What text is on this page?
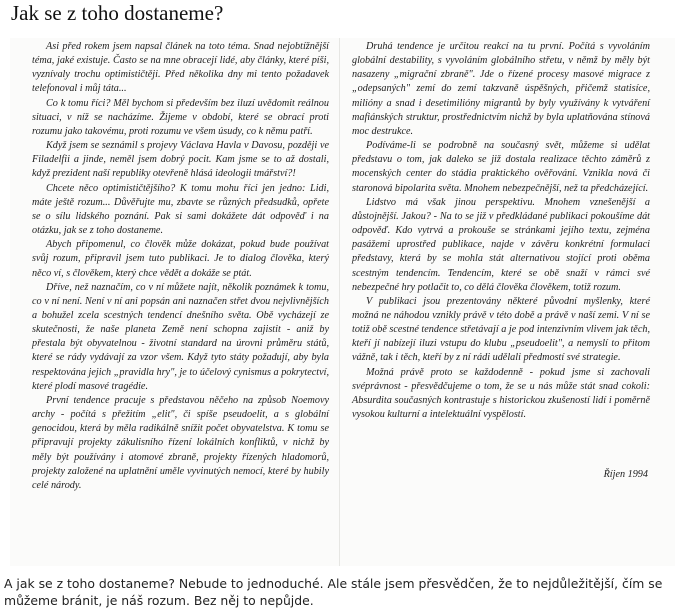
Jak se z toho dostaneme?

Asi před rokem jsem napsal článek na toto téma. Snad nejobtížnější téma, jaké existuje. Často se na mne obracejí lidé, aby články, které píši, vyznívaly trochu optimističtěji. Před několika dny mi tento požadavek telefonoval i můj táta...

Co k tomu říci? Měl bychom si především bez iluzí uvědomit reálnou situaci, v níž se nacházíme. Žijeme v období, které se obrací proti rozumu jako takovému, proti rozumu ve všem úsudy, co k němu patří.

Když jsem se seznámil s projevy Václava Havla v Davosu, později ve Filadelfii a jinde, neměl jsem dobrý pocit. Kam jsme se to až dostali, když prezident naší republiky otevřeně hlásá ideologii tmářství?!

Chcete něco optimističtějšího? K tomu mohu říci jen jedno: Lidi, máte ještě rozum... Důvěřujte mu, zbavte se různých předsudků, opřete se o sílu lidského poznání. Pak si sami dokážete dát odpověď i na otázku, jak se z toho dostaneme.

Abych připomenul, co člověk může dokázat, pokud bude používat svůj rozum, připravil jsem tuto publikaci. Je to dialog člověka, který něco ví, s člověkem, který chce vědět a dokáže se ptát.

Dříve, než naznačím, co v ní můžete najít, několik poznámek k tomu, co v ní není. Není v ní ani popsán ani naznačen střet dvou nejvlivnějších a bohužel zcela scestných tendencí dnešního světa. Obě vycházejí ze skutečnosti, že naše planeta Země není schopna zajistit - aniž by přestala být obyvatelnou - životní standard na úrovni průměru států, které se rády vydávají za vzor všem. Když tyto státy požadují, aby byla respektována jejich „pravidla hry", je to účelový cynismus a pokrytectví, které plodí masové tragédie.

První tendence pracuje s představou něčeho na způsob Noemovy archy - počítá s přežitím „elit", či spíše pseudoelit, a s globální genocidou, která by měla radikálně snížit počet obyvatelstva. K tomu se připravují projekty zákulisního řízení lokálních konfliktů, v nichž by měly být používány i atomové zbraně, projekty řízených hladomorů, projekty založené na uplatnění uměle vyvinutých nemocí, které by hubily celé národy.

Druhá tendence je určitou reakcí na tu první. Počítá s vyvoláním globální destability, s vyvoláním globálního střetu, v němž by měly být nasazeny „migrační zbraně". Jde o řízené procesy masové migrace z „odepsaných" zemí do zemí takzvaně úspěšných, přičemž statisíce, milióny a snad i desetimilióny migrantů by byly využívány k vytváření mafiánských struktur, prostřednictvím nichž by byla uplatňována stínová moc destrukce.

Podíváme-li se podrobně na současný svět, můžeme si udělat představu o tom, jak daleko se již dostala realizace těchto záměrů z mocenských center do stádia praktického ověřování. Vznikla nová či staronová bipolarita světa. Mnohem nebezpečnější, než ta předcházející.

Lidstvo má však jinou perspektivu. Mnohem vznešenější a důstojnější. Jakou? - Na to se již v předkládané publikaci pokoušíme dát odpověď. Kdo vytrvá a prokouše se stránkami jejího textu, zejména pasážemi uprostřed publikace, najde v závěru konkrétní formulaci představy, která by se mohla stát alternativou stojící proti oběma scestným tendencím. Tendencím, které se obě snaží v rámci své nebezpečné hry potlačit to, co dělá člověka člověkem, totiž rozum.

V publikaci jsou prezentovány některé původní myšlenky, které možná ne náhodou vznikly právě v této době a právě v naší zemi. V ní se totiž obě scestné tendence střetávají a je pod intenzivním vlivem jak těch, kteří jí nabízejí iluzi vstupu do klubu „pseudoelit", a nemyslí to přitom vážně, tak i těch, kteří by z ní rádi udělali předmostí své strategie.

Možná právě proto se každodenně - pokud jsme si zachovali svéprávnost - přesvědčujeme o tom, že se u nás může stát snad cokoli: Absurdita současných kontrastuje s historickou zkušeností lidí i poměrně vysokou kulturní a intelektuální vyspělostí.

Říjen 1994

A jak se z toho dostaneme? Nebude to jednoduché. Ale stále jsem přesvědčen, že to nejdůležitější, čím se můžeme bránit, je náš rozum. Bez něj to nepůjde.
